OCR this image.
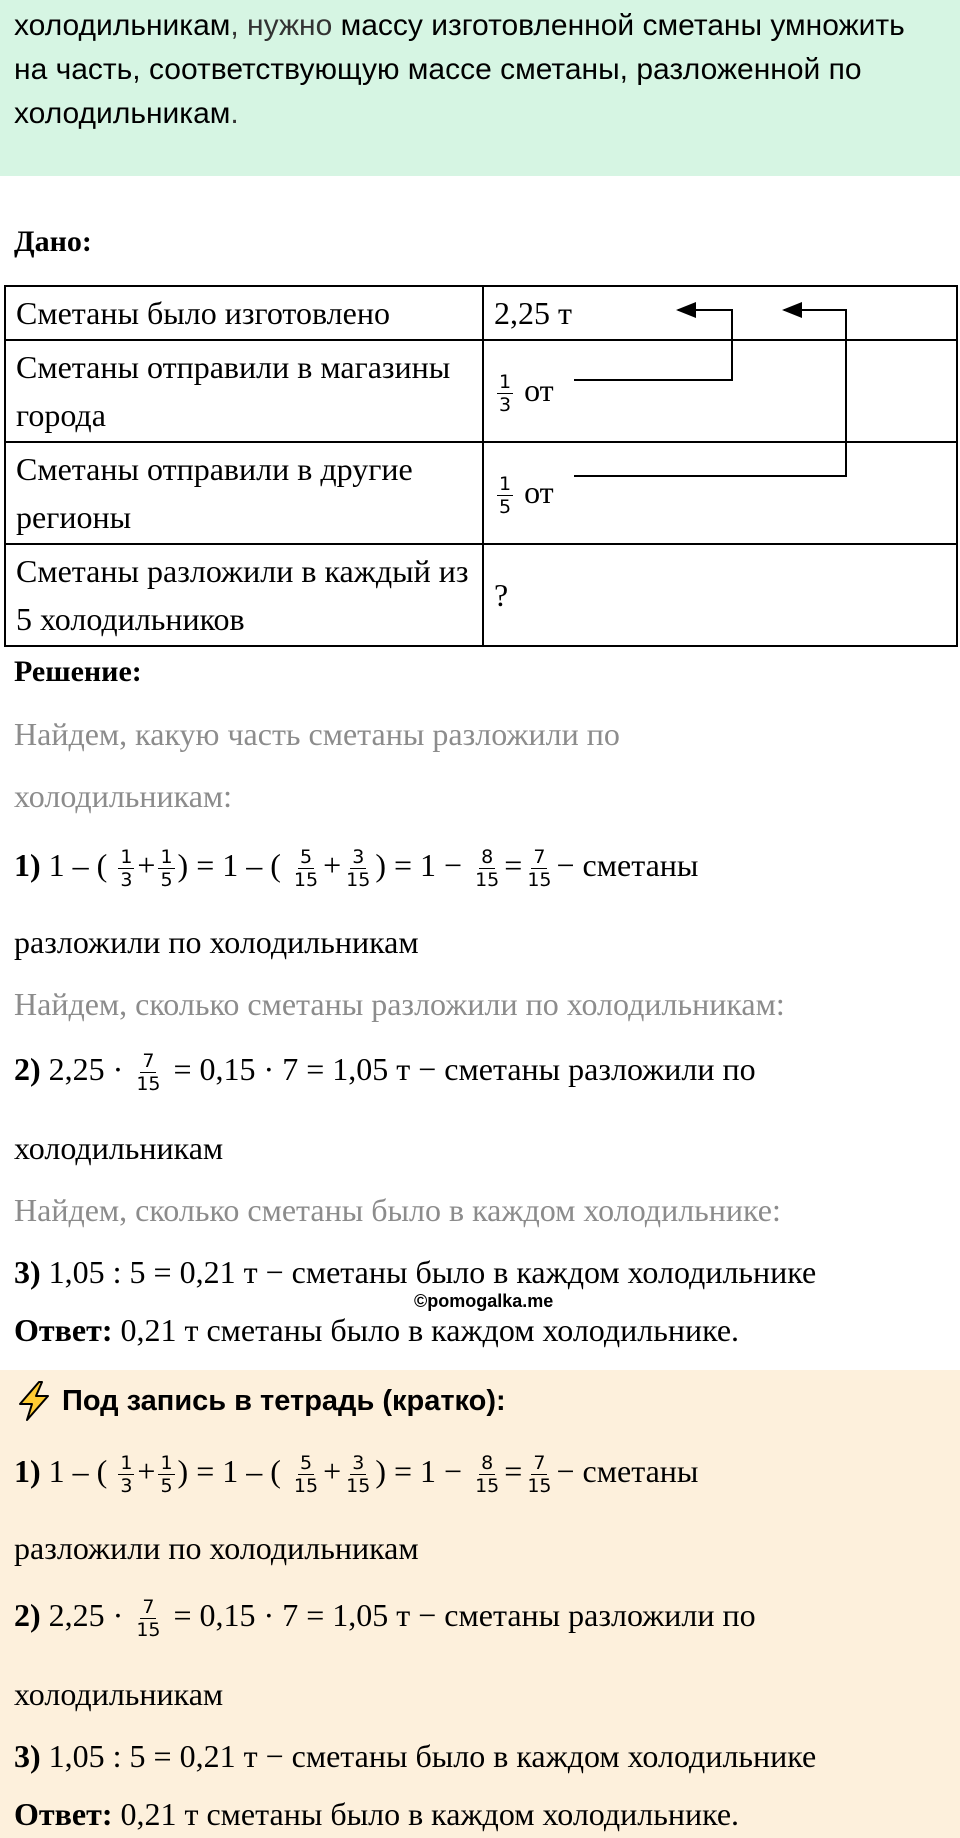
холодильникам, нужно массу изготовленной сметаны умножить на часть, соответствующую массе сметаны, разложенной по холодильникам.

Дано:
Сметаны было изготовлено	2,25 т
Сметаны отправили в магазины города	$\frac{1}{3}$ от
Сметаны отправили в другие регионы	$\frac{1}{5}$ от
Сметаны разложили в каждый из 5 холодильников	?
Решение:
Найдем, какую часть сметаны разложили по
холодильникам:
1) 1 – ( $\frac{1}{3} + \frac{1}{5}$ ) = 1 – ( $\frac{5}{15} + \frac{3}{15}$ ) = $1 - \frac{8}{15} = \frac{7}{15}$ − сметаны
разложили по холодильникам
Найдем, сколько сметаны разложили по холодильникам:
2) $2,25 \cdot \frac{7}{15} = 0,15 \cdot 7 = 1,05$ т − сметаны разложили по
холодильникам
Найдем, сколько сметаны было в каждом холодильнике:
3) 1,05 : 5 = 0,21 т − сметаны было в каждом холодильнике
©pomogalka.me
Ответ: 0,21 т сметаны было в каждом холодильнике.
Под запись в тетрадь (кратко):
1) 1 – ( $\frac{1}{3} + \frac{1}{5}$ ) = 1 – ( $\frac{5}{15} + \frac{3}{15}$ ) = $1 - \frac{8}{15} = \frac{7}{15}$ − сметаны
разложили по холодильникам
2) $2,25 \cdot \frac{7}{15} = 0,15 \cdot 7 = 1,05$ т − сметаны разложили по
холодильникам
3) 1,05 : 5 = 0,21 т − сметаны было в каждом холодильнике
Ответ: 0,21 т сметаны было в каждом холодильнике.
